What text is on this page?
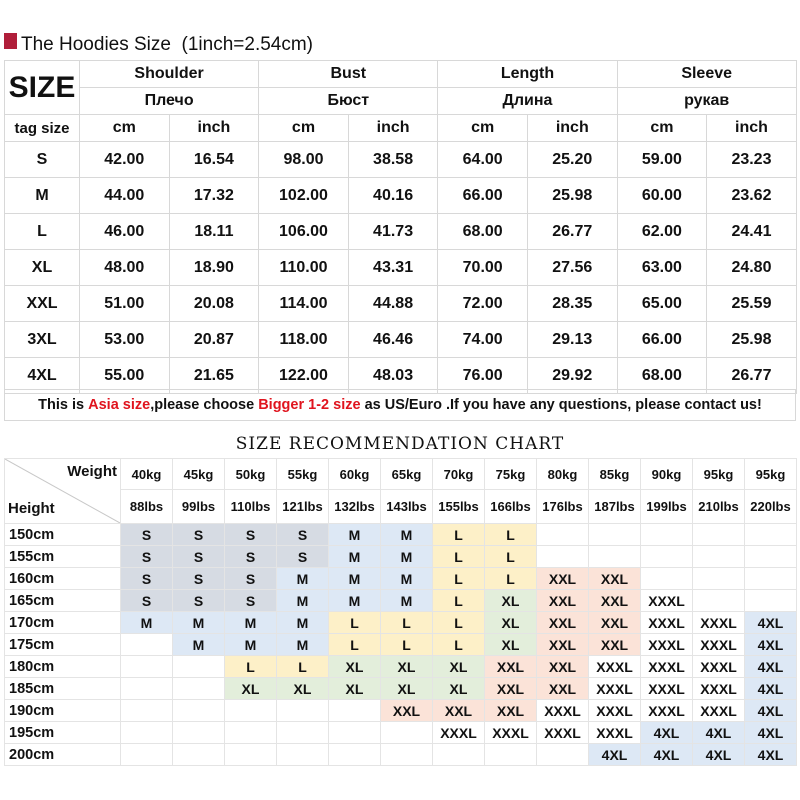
The Hoodies Size  (1inch=2.54cm)
SIZE	Shoulder		Bust		Length		Sleeve	
	Плечо		Бюст		Длина		рукав	
tag size	cm	inch	cm	inch	cm	inch	cm	inch
S	42.00	16.54	98.00	38.58	64.00	25.20	59.00	23.23
M	44.00	17.32	102.00	40.16	66.00	25.98	60.00	23.62
L	46.00	18.11	106.00	41.73	68.00	26.77	62.00	24.41
XL	48.00	18.90	110.00	43.31	70.00	27.56	63.00	24.80
XXL	51.00	20.08	114.00	44.88	72.00	28.35	65.00	25.59
3XL	53.00	20.87	118.00	46.46	74.00	29.13	66.00	25.98
4XL	55.00	21.65	122.00	48.03	76.00	29.92	68.00	26.77
This is Asia size ,please choose Bigger 1-2 size as US/Euro .If you have any questions, please contact us!
SIZE RECOMMENDATION CHART
Weight
Height	40kg	45kg	50kg	55kg	60kg	65kg	70kg	75kg	80kg	85kg	90kg	95kg	95kg
	88lbs	99lbs	110lbs	121lbs	132lbs	143lbs	155lbs	166lbs	176lbs	187lbs	199lbs	210lbs	220lbs
150cm	S	S	S	S	M	M	L	L					
155cm	S	S	S	S	M	M	L	L					
160cm	S	S	S	M	M	M	L	L	XXL	XXL			
165cm	S	S	S	M	M	M	L	XL	XXL	XXL	XXXL		
170cm	M	M	M	M	L	L	L	XL	XXL	XXL	XXXL	XXXL	4XL
175cm		M	M	M	L	L	L	XL	XXL	XXL	XXXL	XXXL	4XL
180cm			L	L	XL	XL	XL	XXL	XXL	XXXL	XXXL	XXXL	4XL
185cm			XL	XL	XL	XL	XL	XXL	XXL	XXXL	XXXL	XXXL	4XL
190cm						XXL	XXL	XXL	XXXL	XXXL	XXXL	XXXL	4XL
195cm							XXXL	XXXL	XXXL	XXXL	4XL	4XL	4XL
200cm										4XL	4XL	4XL	4XL
